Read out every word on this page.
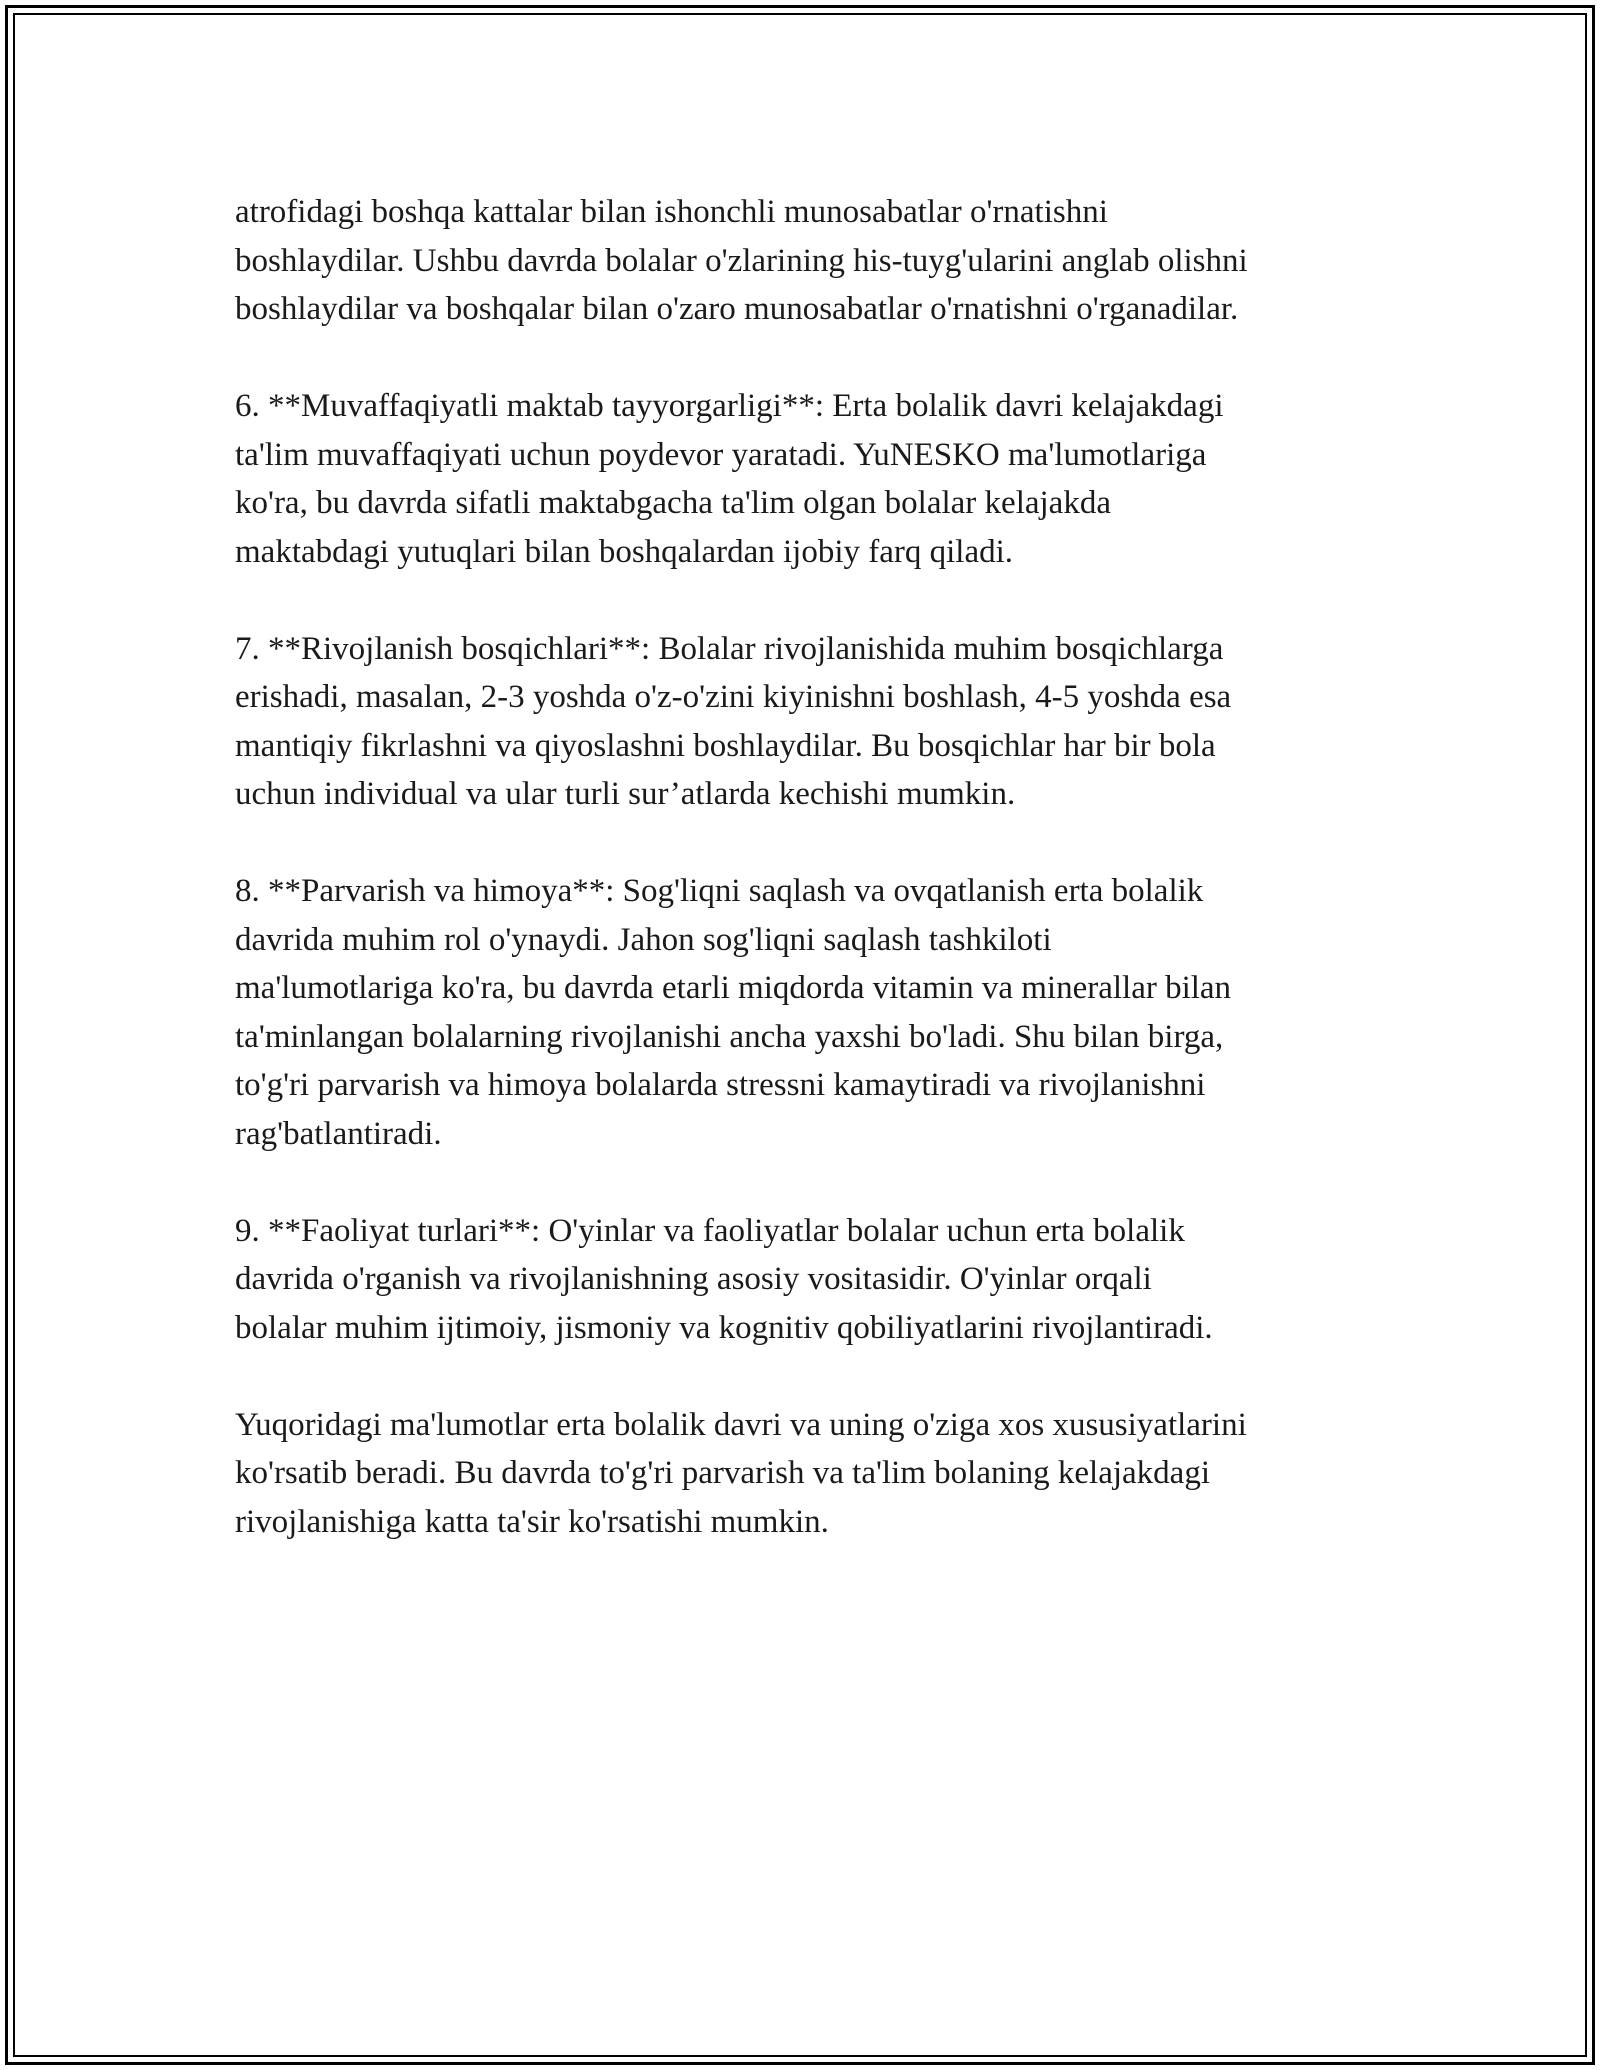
atrofidagi boshqa kattalar bilan ishonchli munosabatlar o'rnatishni
boshlaydilar. Ushbu davrda bolalar o'zlarining his-tuyg'ularini anglab olishni
boshlaydilar va boshqalar bilan o'zaro munosabatlar o'rnatishni o'rganadilar.

6. **Muvaffaqiyatli maktab tayyorgarligi**: Erta bolalik davri kelajakdagi
ta'lim muvaffaqiyati uchun poydevor yaratadi. YuNESKO ma'lumotlariga
ko'ra, bu davrda sifatli maktabgacha ta'lim olgan bolalar kelajakda
maktabdagi yutuqlari bilan boshqalardan ijobiy farq qiladi.

7. **Rivojlanish bosqichlari**: Bolalar rivojlanishida muhim bosqichlarga
erishadi, masalan, 2-3 yoshda o'z-o'zini kiyinishni boshlash, 4-5 yoshda esa
mantiqiy fikrlashni va qiyoslashni boshlaydilar. Bu bosqichlar har bir bola
uchun individual va ular turli sur’atlarda kechishi mumkin.

8. **Parvarish va himoya**: Sog'liqni saqlash va ovqatlanish erta bolalik
davrida muhim rol o'ynaydi. Jahon sog'liqni saqlash tashkiloti
ma'lumotlariga ko'ra, bu davrda etarli miqdorda vitamin va minerallar bilan
ta'minlangan bolalarning rivojlanishi ancha yaxshi bo'ladi. Shu bilan birga,
to'g'ri parvarish va himoya bolalarda stressni kamaytiradi va rivojlanishni
rag'batlantiradi.

9. **Faoliyat turlari**: O'yinlar va faoliyatlar bolalar uchun erta bolalik
davrida o'rganish va rivojlanishning asosiy vositasidir. O'yinlar orqali
bolalar muhim ijtimoiy, jismoniy va kognitiv qobiliyatlarini rivojlantiradi.

Yuqoridagi ma'lumotlar erta bolalik davri va uning o'ziga xos xususiyatlarini
ko'rsatib beradi. Bu davrda to'g'ri parvarish va ta'lim bolaning kelajakdagi
rivojlanishiga katta ta'sir ko'rsatishi mumkin.
